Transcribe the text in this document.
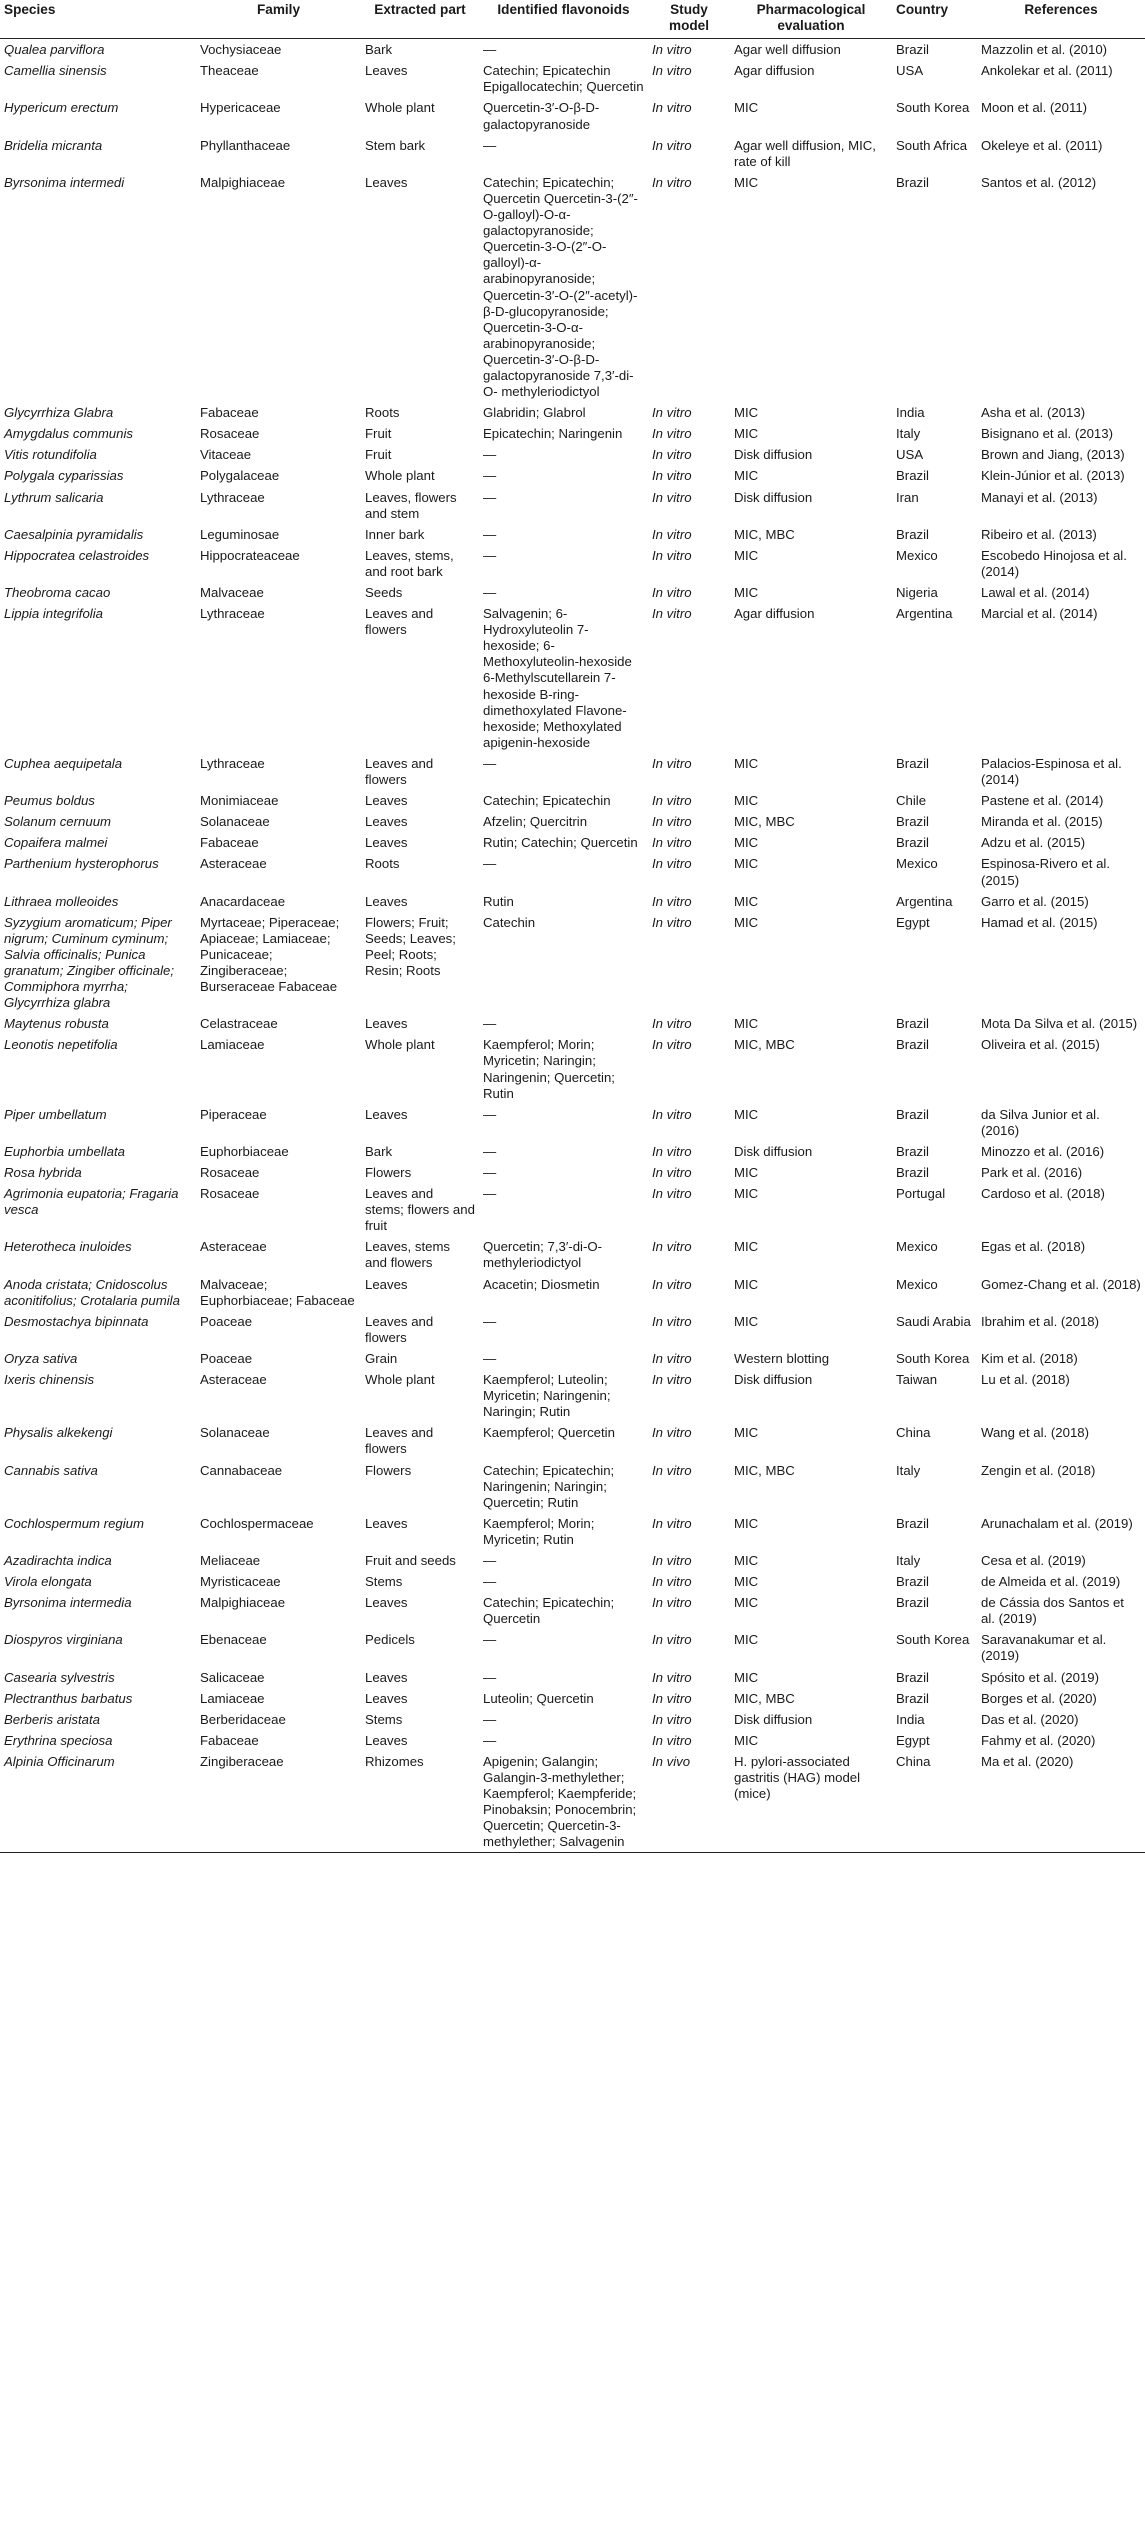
Species	Family	Extracted part	Identified flavonoids	Study model	Pharmacological evaluation	Country	References
Qualea parviflora	Vochysiaceae	Bark	—	In vitro	Agar well diffusion	Brazil	Mazzolin et al. (2010)
Camellia sinensis	Theaceae	Leaves	Catechin; Epicatechin Epigallocatechin; Quercetin	In vitro	Agar diffusion	USA	Ankolekar et al. (2011)
Hypericum erectum	Hypericaceae	Whole plant	Quercetin-3′-O-β-D-galactopyranoside	In vitro	MIC	South Korea	Moon et al. (2011)
Bridelia micranta	Phyllanthaceae	Stem bark	—	In vitro	Agar well diffusion, MIC, rate of kill	South Africa	Okeleye et al. (2011)
Byrsonima intermedi	Malpighiaceae	Leaves	Catechin; Epicatechin; Quercetin Quercetin-3-(2″-O-galloyl)-O-α-galactopyranoside; Quercetin-3-O-(2″-O-galloyl)-α-arabinopyranoside; Quercetin-3′-O-(2″-acetyl)-β-D-glucopyranoside; Quercetin-3-O-α-arabinopyranoside; Quercetin-3′-O-β-D-galactopyranoside 7,3′-di-O- methyleriodictyol	In vitro	MIC	Brazil	Santos et al. (2012)
Glycyrrhiza Glabra	Fabaceae	Roots	Glabridin; Glabrol	In vitro	MIC	India	Asha et al. (2013)
Amygdalus communis	Rosaceae	Fruit	Epicatechin; Naringenin	In vitro	MIC	Italy	Bisignano et al. (2013)
Vitis rotundifolia	Vitaceae	Fruit	—	In vitro	Disk diffusion	USA	Brown and Jiang, (2013)
Polygala cyparissias	Polygalaceae	Whole plant	—	In vitro	MIC	Brazil	Klein-Júnior et al. (2013)
Lythrum salicaria	Lythraceae	Leaves, flowers and stem	—	In vitro	Disk diffusion	Iran	Manayi et al. (2013)
Caesalpinia pyramidalis	Leguminosae	Inner bark	—	In vitro	MIC, MBC	Brazil	Ribeiro et al. (2013)
Hippocratea celastroides	Hippocrateaceae	Leaves, stems, and root bark	—	In vitro	MIC	Mexico	Escobedo Hinojosa et al. (2014)
Theobroma cacao	Malvaceae	Seeds	—	In vitro	MIC	Nigeria	Lawal et al. (2014)
Lippia integrifolia	Lythraceae	Leaves and flowers	Salvagenin; 6-Hydroxyluteolin 7-hexoside; 6-Methoxyluteolin-hexoside 6-Methylscutellarein 7-hexoside B-ring-dimethoxylated Flavone-hexoside; Methoxylated apigenin-hexoside	In vitro	Agar diffusion	Argentina	Marcial et al. (2014)
Cuphea aequipetala	Lythraceae	Leaves and flowers	—	In vitro	MIC	Brazil	Palacios-Espinosa et al. (2014)
Peumus boldus	Monimiaceae	Leaves	Catechin; Epicatechin	In vitro	MIC	Chile	Pastene et al. (2014)
Solanum cernuum	Solanaceae	Leaves	Afzelin; Quercitrin	In vitro	MIC, MBC	Brazil	Miranda et al. (2015)
Copaifera malmei	Fabaceae	Leaves	Rutin; Catechin; Quercetin	In vitro	MIC	Brazil	Adzu et al. (2015)
Parthenium hysterophorus	Asteraceae	Roots	—	In vitro	MIC	Mexico	Espinosa-Rivero et al. (2015)
Lithraea molleoides	Anacardaceae	Leaves	Rutin	In vitro	MIC	Argentina	Garro et al. (2015)
Syzygium aromaticum; Piper nigrum; Cuminum cyminum; Salvia officinalis; Punica granatum; Zingiber officinale; Commiphora myrrha; Glycyrrhiza glabra	Myrtaceae; Piperaceae; Apiaceae; Lamiaceae; Punicaceae; Zingiberaceae; Burseraceae Fabaceae	Flowers; Fruit; Seeds; Leaves; Peel; Roots; Resin; Roots	Catechin	In vitro	MIC	Egypt	Hamad et al. (2015)
Maytenus robusta	Celastraceae	Leaves	—	In vitro	MIC	Brazil	Mota Da Silva et al. (2015)
Leonotis nepetifolia	Lamiaceae	Whole plant	Kaempferol; Morin; Myricetin; Naringin; Naringenin; Quercetin; Rutin	In vitro	MIC, MBC	Brazil	Oliveira et al. (2015)
Piper umbellatum	Piperaceae	Leaves	—	In vitro	MIC	Brazil	da Silva Junior et al. (2016)
Euphorbia umbellata	Euphorbiaceae	Bark	—	In vitro	Disk diffusion	Brazil	Minozzo et al. (2016)
Rosa hybrida	Rosaceae	Flowers	—	In vitro	MIC	Brazil	Park et al. (2016)
Agrimonia eupatoria; Fragaria vesca	Rosaceae	Leaves and stems; flowers and fruit	—	In vitro	MIC	Portugal	Cardoso et al. (2018)
Heterotheca inuloides	Asteraceae	Leaves, stems and flowers	Quercetin; 7,3′-di-O-methyleriodictyol	In vitro	MIC	Mexico	Egas et al. (2018)
Anoda cristata; Cnidoscolus aconitifolius; Crotalaria pumila	Malvaceae; Euphorbiaceae; Fabaceae	Leaves	Acacetin; Diosmetin	In vitro	MIC	Mexico	Gomez-Chang et al. (2018)
Desmostachya bipinnata	Poaceae	Leaves and flowers	—	In vitro	MIC	Saudi Arabia	Ibrahim et al. (2018)
Oryza sativa	Poaceae	Grain	—	In vitro	Western blotting	South Korea	Kim et al. (2018)
Ixeris chinensis	Asteraceae	Whole plant	Kaempferol; Luteolin; Myricetin; Naringenin; Naringin; Rutin	In vitro	Disk diffusion	Taiwan	Lu et al. (2018)
Physalis alkekengi	Solanaceae	Leaves and flowers	Kaempferol; Quercetin	In vitro	MIC	China	Wang et al. (2018)
Cannabis sativa	Cannabaceae	Flowers	Catechin; Epicatechin; Naringenin; Naringin; Quercetin; Rutin	In vitro	MIC, MBC	Italy	Zengin et al. (2018)
Cochlospermum regium	Cochlospermaceae	Leaves	Kaempferol; Morin; Myricetin; Rutin	In vitro	MIC	Brazil	Arunachalam et al. (2019)
Azadirachta indica	Meliaceae	Fruit and seeds	—	In vitro	MIC	Italy	Cesa et al. (2019)
Virola elongata	Myristicaceae	Stems	—	In vitro	MIC	Brazil	de Almeida et al. (2019)
Byrsonima intermedia	Malpighiaceae	Leaves	Catechin; Epicatechin; Quercetin	In vitro	MIC	Brazil	de Cássia dos Santos et al. (2019)
Diospyros virginiana	Ebenaceae	Pedicels	—	In vitro	MIC	South Korea	Saravanakumar et al. (2019)
Casearia sylvestris	Salicaceae	Leaves	—	In vitro	MIC	Brazil	Spósito et al. (2019)
Plectranthus barbatus	Lamiaceae	Leaves	Luteolin; Quercetin	In vitro	MIC, MBC	Brazil	Borges et al. (2020)
Berberis aristata	Berberidaceae	Stems	—	In vitro	Disk diffusion	India	Das et al. (2020)
Erythrina speciosa	Fabaceae	Leaves	—	In vitro	MIC	Egypt	Fahmy et al. (2020)
Alpinia Officinarum	Zingiberaceae	Rhizomes	Apigenin; Galangin; Galangin-3-methylether; Kaempferol; Kaempferide; Pinobaksin; Ponocembrin; Quercetin; Quercetin-3-methylether; Salvagenin	In vivo	H. pylori-associated gastritis (HAG) model (mice)	China	Ma et al. (2020)
